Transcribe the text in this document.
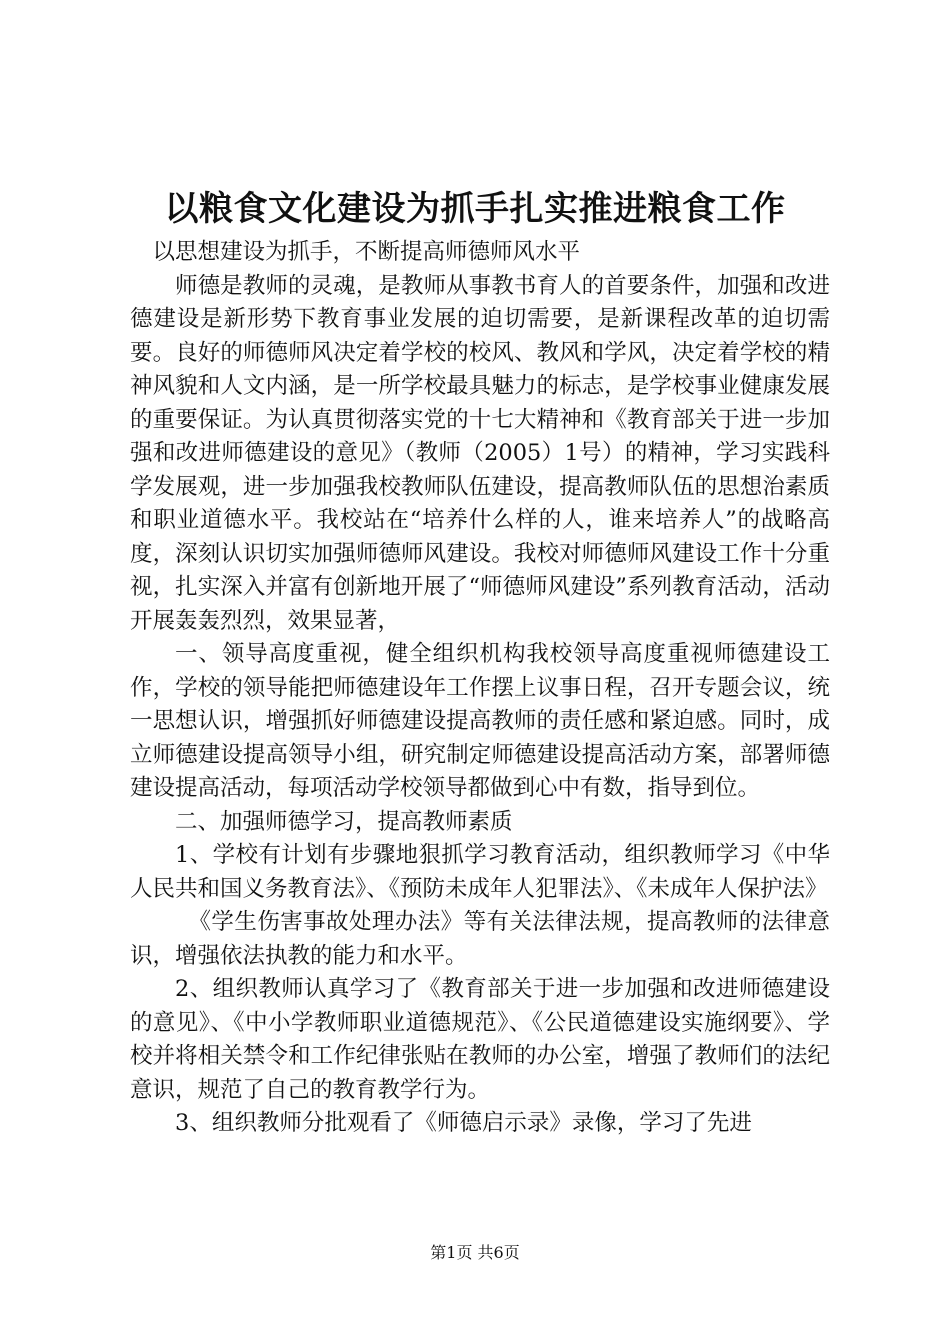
以粮食文化建设为抓手扎实推进粮食工作

以思想建设为抓手，不断提高师德师风水平

师德是教师的灵魂，是教师从事教书育人的首要条件，加强和改进德建设是新形势下教育事业发展的迫切需要，是新课程改革的迫切需要。良好的师德师风决定着学校的校风、教风和学风，决定着学校的精神风貌和人文内涵，是一所学校最具魅力的标志，是学校事业健康发展的重要保证。为认真贯彻落实党的十七大精神和《教育部关于进一步加强和改进师德建设的意见》（教师（2005）1号）的精神，学习实践科学发展观，进一步加强我校教师队伍建设，提高教师队伍的思想治素质和职业道德水平。我校站在“培养什么样的人，谁来培养人”的战略高度，深刻认识切实加强师德师风建设。我校对师德师风建设工作十分重视，扎实深入并富有创新地开展了“师德师风建设”系列教育活动，活动开展轰轰烈烈，效果显著，

一、领导高度重视，健全组织机构我校领导高度重视师德建设工作，学校的领导能把师德建设年工作摆上议事日程，召开专题会议，统一思想认识，增强抓好师德建设提高教师的责任感和紧迫感。同时，成立师德建设提高领导小组，研究制定师德建设提高活动方案，部署师德建设提高活动，每项活动学校领导都做到心中有数，指导到位。

二、加强师德学习，提高教师素质

1、学校有计划有步骤地狠抓学习教育活动，组织教师学习《中华人民共和国义务教育法》、《预防未成年人犯罪法》、《未成年人保护法》

《学生伤害事故处理办法》等有关法律法规，提高教师的法律意识，增强依法执教的能力和水平。

2、组织教师认真学习了《教育部关于进一步加强和改进师德建设的意见》、《中小学教师职业道德规范》、《公民道德建设实施纲要》、学校并将相关禁令和工作纪律张贴在教师的办公室，增强了教师们的法纪意识，规范了自己的教育教学行为。

3、组织教师分批观看了《师德启示录》录像，学习了先进

第1页 共6页
